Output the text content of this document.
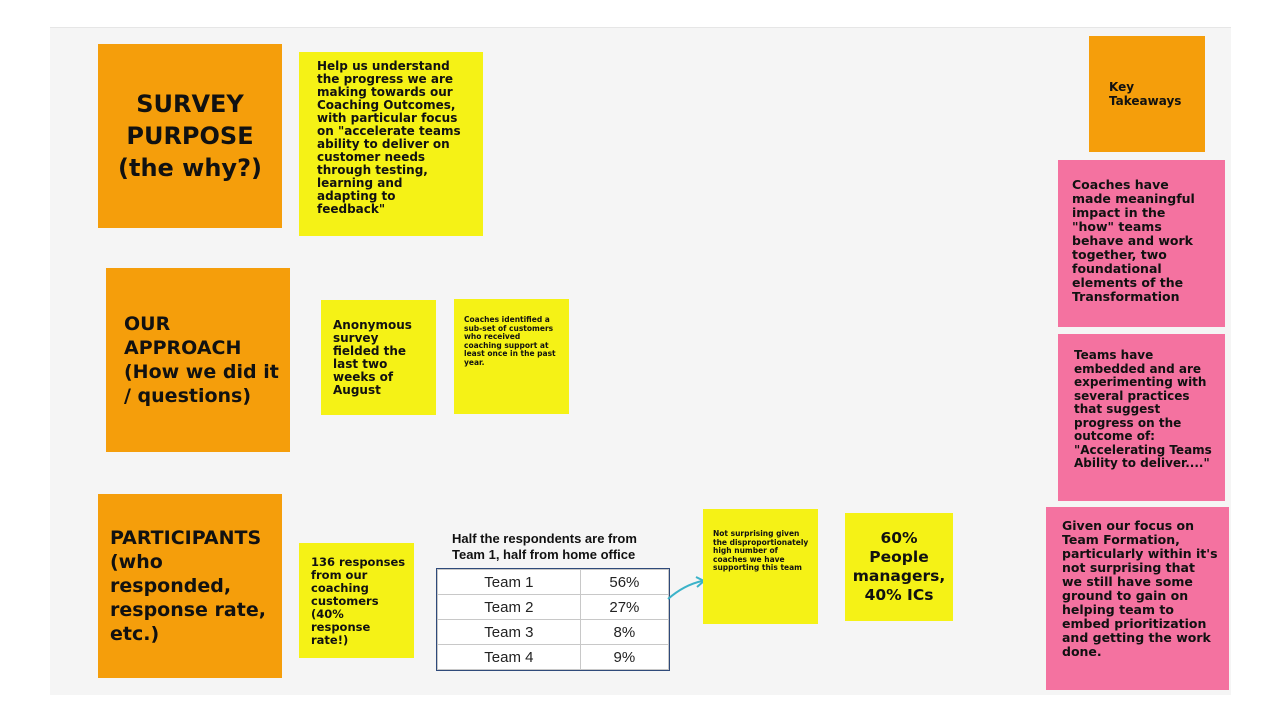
SURVEY PURPOSE (the why?)
Help us understand the progress we are making towards our Coaching Outcomes, with particular focus on "accelerate teams ability to deliver on customer needs through testing, learning and adapting to feedback"
OUR APPROACH (How we did it / questions)
Anonymous survey fielded the last two weeks of August
Coaches identified a sub-set of customers who received coaching support at least once in the past year.
PARTICIPANTS (who responded, response rate, etc.)
136 responses from our coaching customers (40% response rate!)
Half the respondents are from Team 1, half from home office
Team 1	56%
Team 2	27%
Team 3	8%
Team 4	9%
Not surprising given the disproportionately high number of coaches we have supporting this team
60% People managers, 40% ICs
Key Takeaways
Coaches have made meaningful impact in the "how" teams behave and work together, two foundational elements of the Transformation
Teams have embedded and are experimenting with several practices that suggest progress on the outcome of: "Accelerating Teams Ability to deliver...."
Given our focus on Team Formation, particularly within it's not surprising that we still have some ground to gain on helping team to embed prioritization and getting the work done.
